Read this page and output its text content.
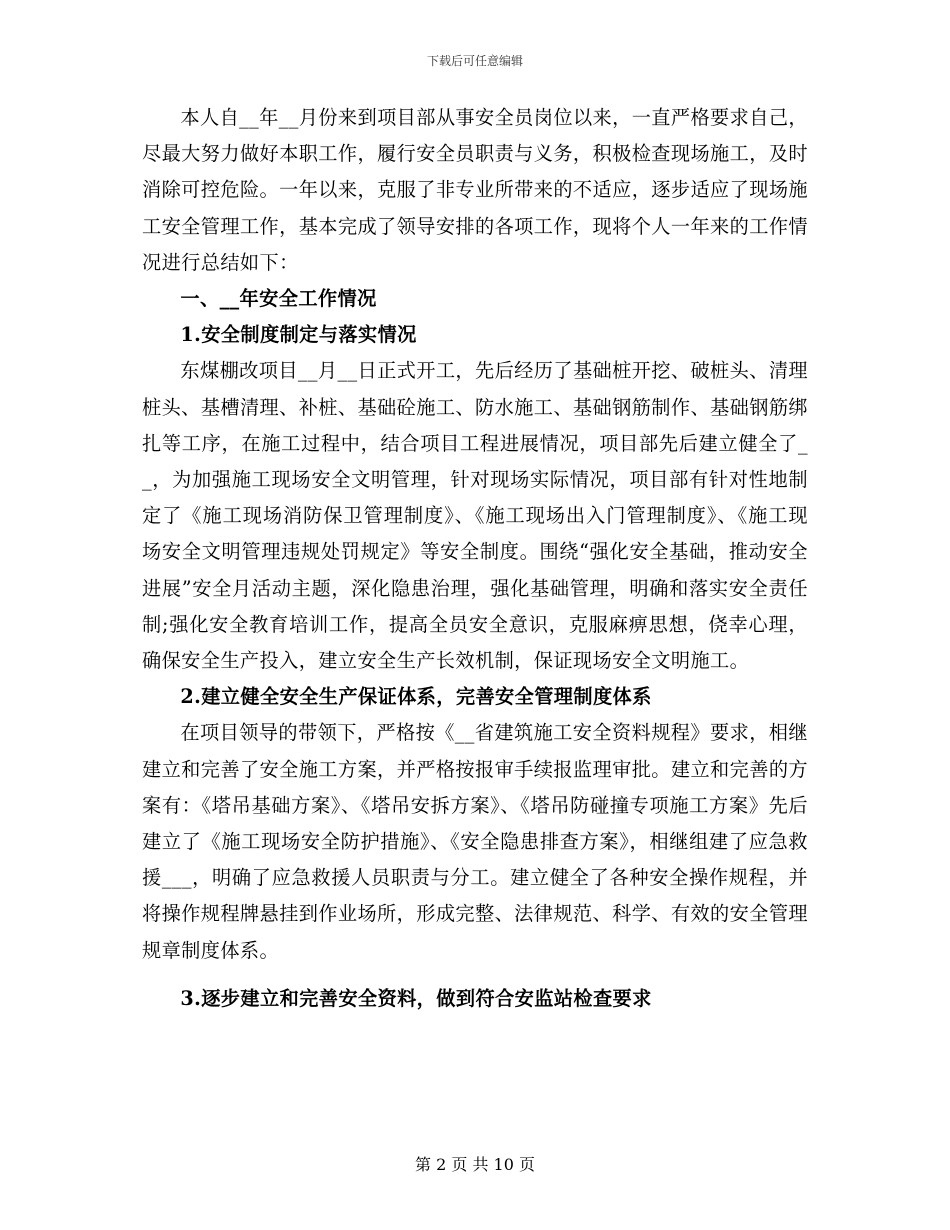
下载后可任意编辑

本人自__年__月份来到项目部从事安全员岗位以来，一直严格要求自己，尽最大努力做好本职工作，履行安全员职责与义务，积极检查现场施工，及时消除可控危险。一年以来，克服了非专业所带来的不适应，逐步适应了现场施工安全管理工作，基本完成了领导安排的各项工作，现将个人一年来的工作情况进行总结如下：

一、__年安全工作情况

1.安全制度制定与落实情况

东煤棚改项目__月__日正式开工，先后经历了基础桩开挖、破桩头、清理桩头、基槽清理、补桩、基础砼施工、防水施工、基础钢筋制作、基础钢筋绑扎等工序，在施工过程中，结合项目工程进展情况，项目部先后建立健全了__，为加强施工现场安全文明管理，针对现场实际情况，项目部有针对性地制定了《施工现场消防保卫管理制度》、《施工现场出入门管理制度》、《施工现场安全文明管理违规处罚规定》等安全制度。围绕“强化安全基础，推动安全进展”安全月活动主题，深化隐患治理，强化基础管理，明确和落实安全责任制;强化安全教育培训工作，提高全员安全意识，克服麻痹思想，侥幸心理，确保安全生产投入，建立安全生产长效机制，保证现场安全文明施工。

2.建立健全安全生产保证体系，完善安全管理制度体系

在项目领导的带领下，严格按《__省建筑施工安全资料规程》要求，相继建立和完善了安全施工方案，并严格按报审手续报监理审批。建立和完善的方案有：《塔吊基础方案》、《塔吊安拆方案》、《塔吊防碰撞专项施工方案》先后建立了《施工现场安全防护措施》、《安全隐患排查方案》，相继组建了应急救援___，明确了应急救援人员职责与分工。建立健全了各种安全操作规程，并将操作规程牌悬挂到作业场所，形成完整、法律规范、科学、有效的安全管理规章制度体系。

3.逐步建立和完善安全资料，做到符合安监站检查要求

第 2 页 共 10 页
